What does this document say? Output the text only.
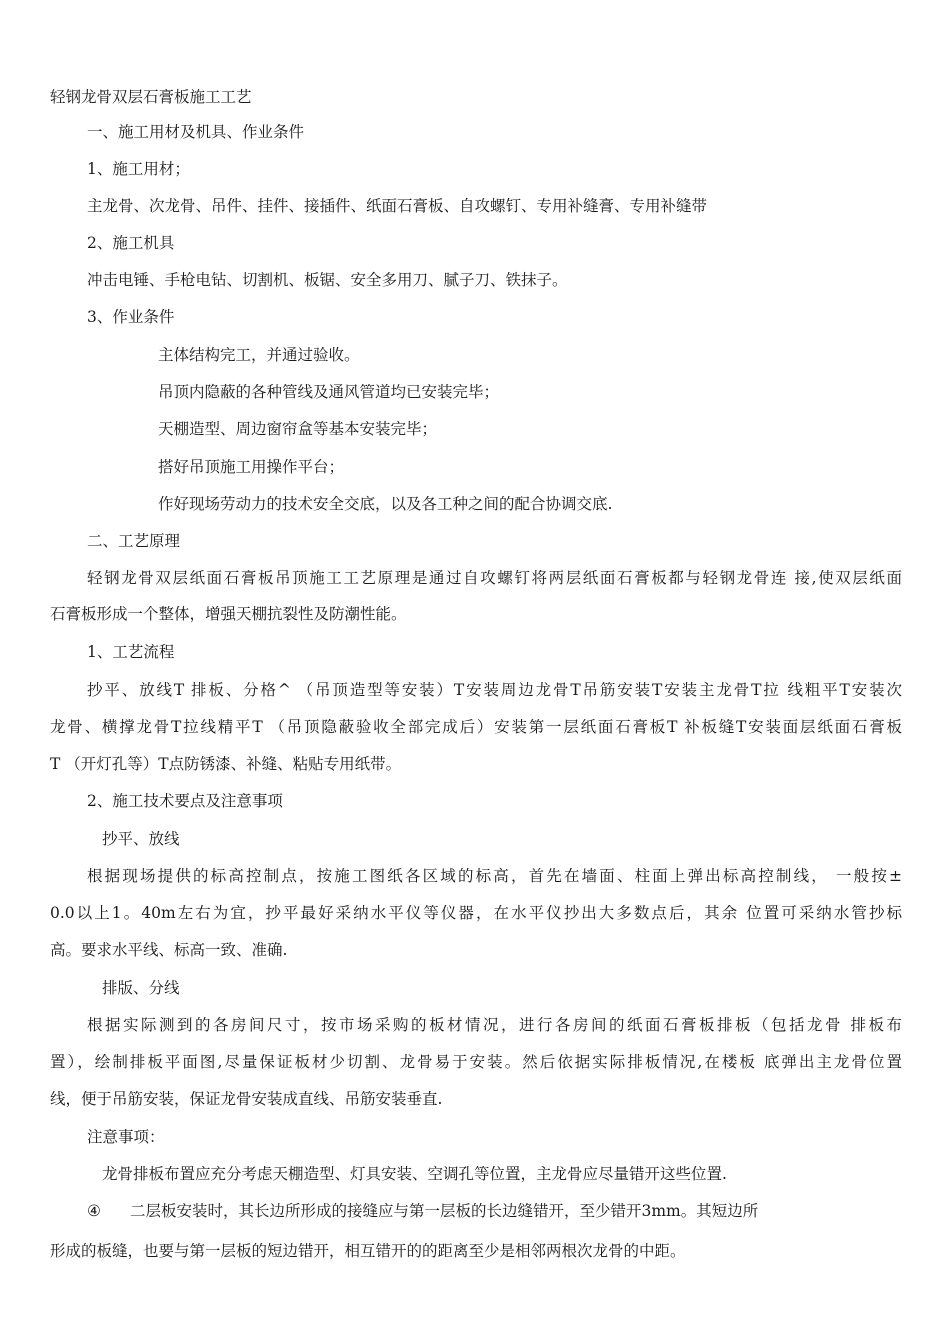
轻钢龙骨双层石膏板施工工艺
一、施工用材及机具、作业条件
1、施工用材；
主龙骨、次龙骨、吊件、挂件、接插件、纸面石膏板、自攻螺钉、专用补缝膏、专用补缝带
2、施工机具
冲击电锤、手枪电钻、切割机、板锯、安全多用刀、腻子刀、铁抹子。
3、作业条件
主体结构完工，并通过验收。
吊顶内隐蔽的各种管线及通风管道均已安装完毕；
天棚造型、周边窗帘盒等基本安装完毕；
搭好吊顶施工用操作平台；
作好现场劳动力的技术安全交底，以及各工种之间的配合协调交底.
二、工艺原理
轻钢龙骨双层纸面石膏板吊顶施工工艺原理是通过自攻螺钉将两层纸面石膏板都与轻钢龙骨连 接,使双层纸面
石膏板形成一个整体，增强天棚抗裂性及防潮性能。
1、工艺流程
抄平、放线T 排板、分格^ （吊顶造型等安装）T安装周边龙骨T吊筋安装T安装主龙骨T拉 线粗平T安装次
龙骨、横撑龙骨T拉线精平T （吊顶隐蔽验收全部完成后）安装第一层纸面石膏板T 补板缝T安装面层纸面石膏板
T （开灯孔等）T点防锈漆、补缝、粘贴专用纸带。
2、施工技术要点及注意事项
抄平、放线
根据现场提供的标高控制点，按施工图纸各区域的标高，首先在墙面、柱面上弹出标高控制线， 一般按±
0.0以上1。40m左右为宜，抄平最好采纳水平仪等仪器，在水平仪抄出大多数点后，其余 位置可采纳水管抄标
高。要求水平线、标高一致、准确.
排版、分线
根据实际测到的各房间尺寸，按市场采购的板材情况，进行各房间的纸面石膏板排板（包括龙骨 排板布
置），绘制排板平面图,尽量保证板材少切割、龙骨易于安装。然后依据实际排板情况,在楼板 底弹出主龙骨位置
线，便于吊筋安装，保证龙骨安装成直线、吊筋安装垂直.
注意事项：
龙骨排板布置应充分考虑天棚造型、灯具安装、空调孔等位置，主龙骨应尽量错开这些位置.
④ 二层板安装时，其长边所形成的接缝应与第一层板的长边缝错开，至少错开3mm。其短边所
形成的板缝，也要与第一层板的短边错开，相互错开的的距离至少是相邻两根次龙骨的中距。
